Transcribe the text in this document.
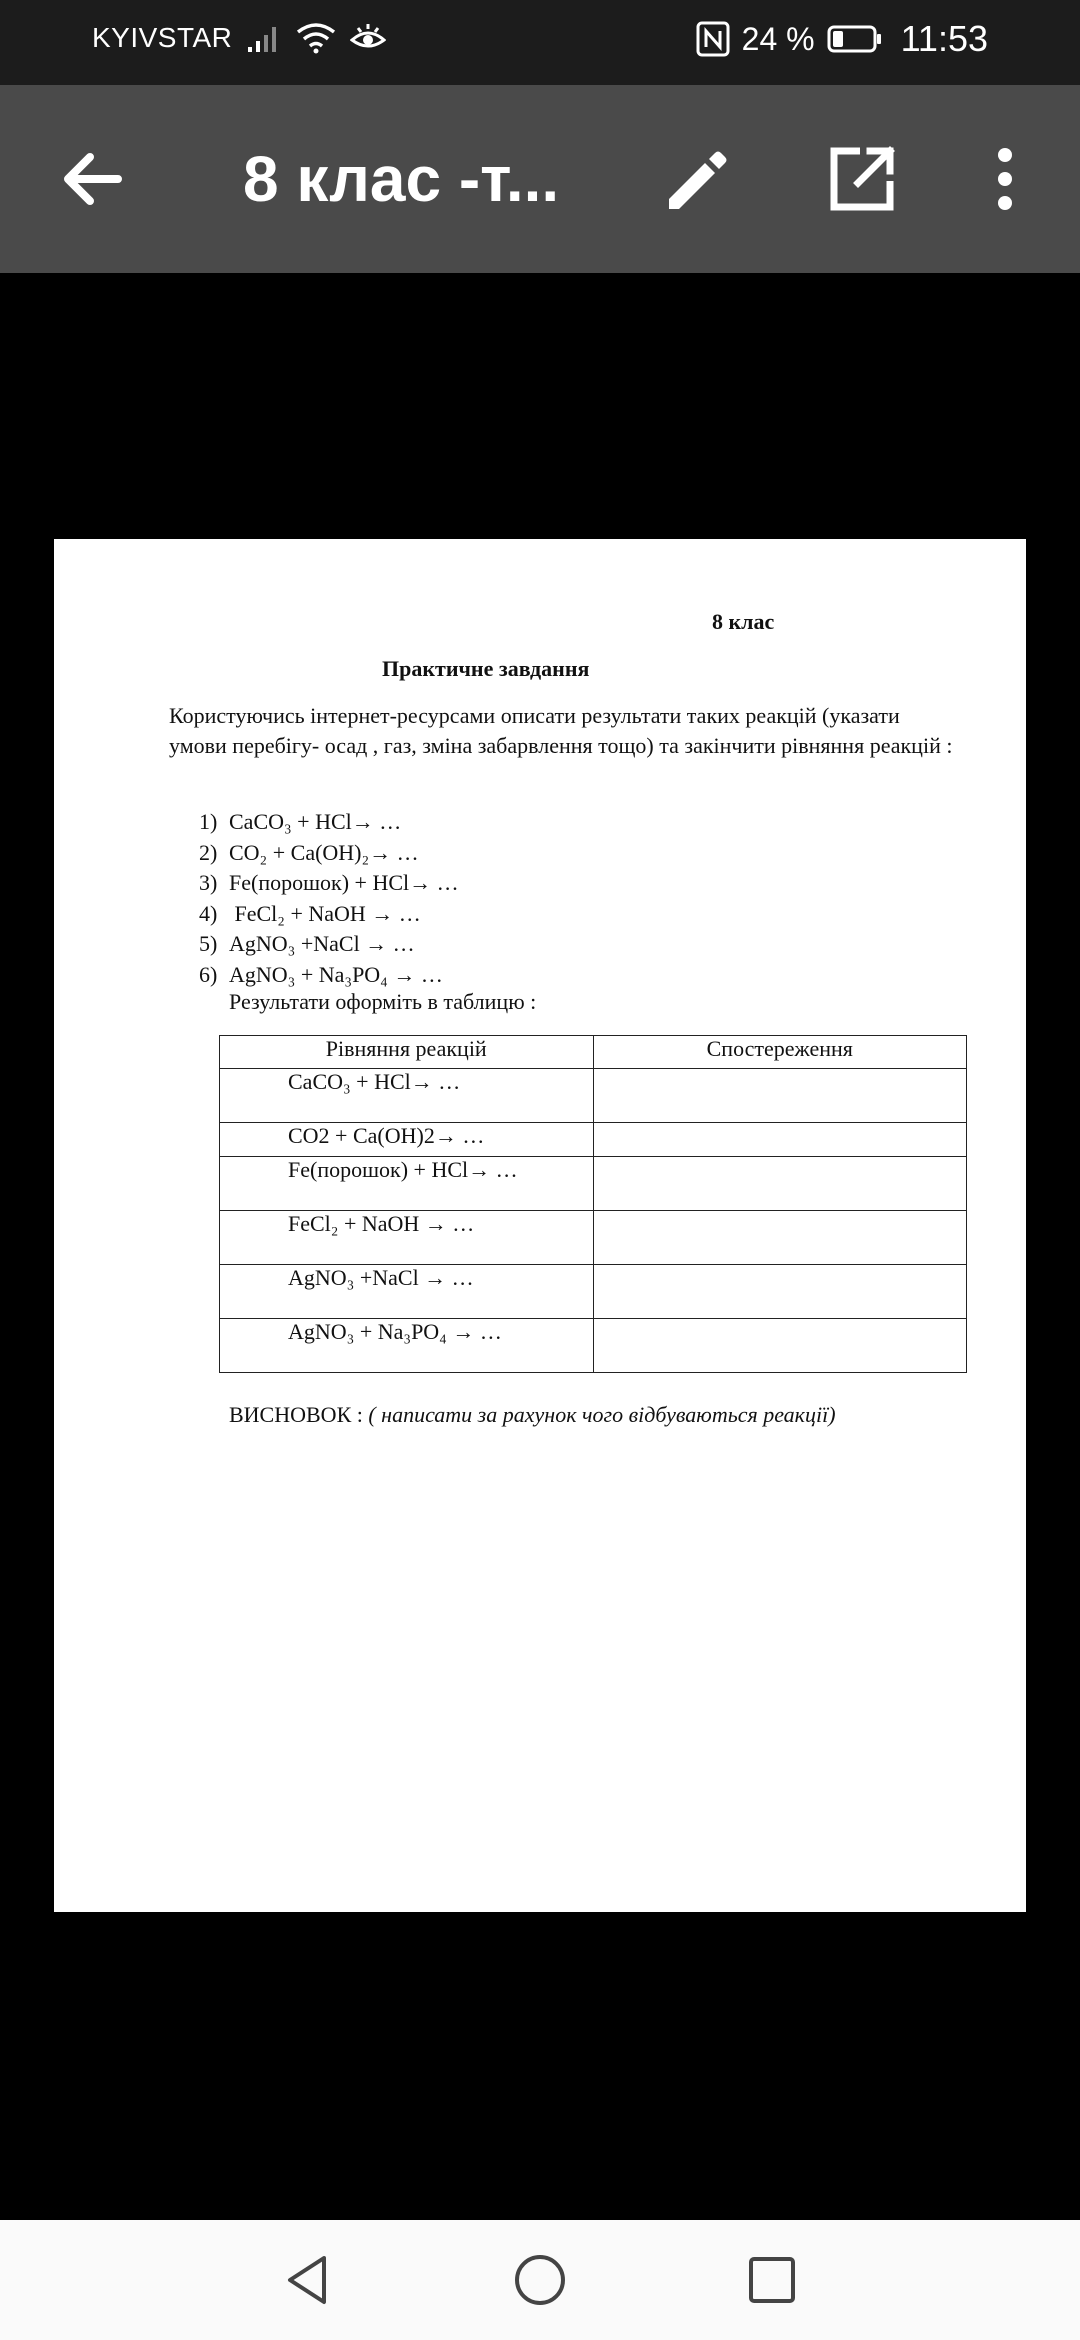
KYIVSTAR	24 % 11:53
8 клас -т...
8 клас
Практичне завдання
Користуючись інтернет-ресурсами описати результати таких реакцій (указати умови перебігу- осад , газ, зміна забарвлення тощо) та закінчити рівняння реакцій :
1) CaCO₃ + HCl→ …
2) CO₂ + Ca(OH)₂→ …
3) Fe(порошок) + HCl→ …
4) FeCl₂ + NaOH → …
5) AgNO₃ +NaCl → …
6) AgNO₃ + Na₃PO₄ → …
Результати оформіть в таблицю :
Рівняння реакцій	Спостереження
CaCO₃ + HCl→ …	
CO2 + Ca(OH)2→ …	
Fe(порошок) + HCl→ …	
FeCl₂ + NaOH → …	
AgNO₃ +NaCl → …	
AgNO₃ + Na₃PO₄ → …	
ВИСНОВОК : ( написати за рахунок чого відбуваються реакції)
